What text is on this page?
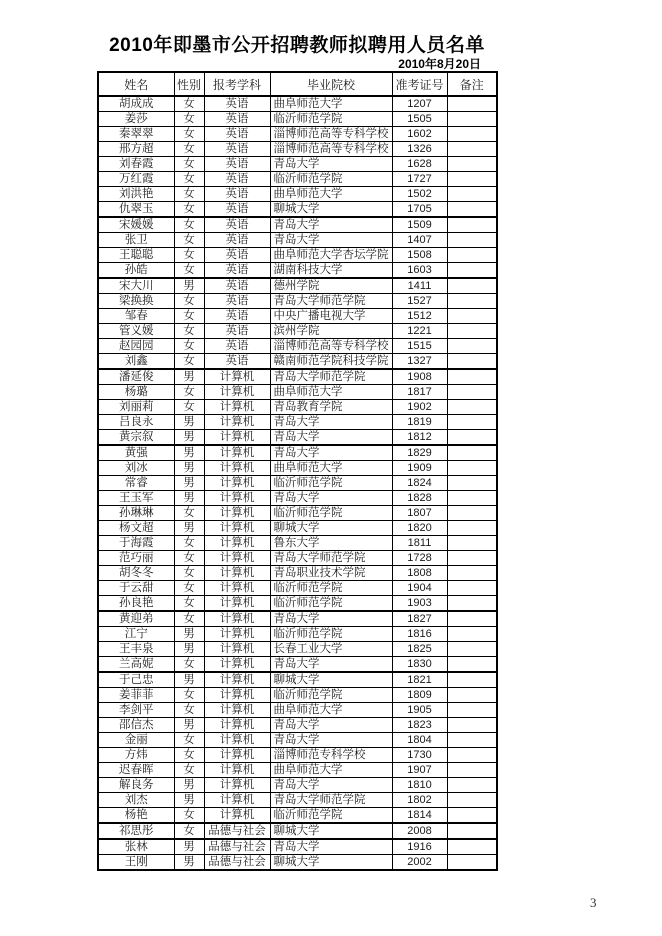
2010年即墨市公开招聘教师拟聘用人员名单
2010年8月20日
姓名	性别	报考学科	毕业院校	准考证号	备注
胡成成	女	英语	曲阜师范大学	1207	
姜莎	女	英语	临沂师范学院	1505	
秦翠翠	女	英语	淄博师范高等专科学校	1602	
邢方超	女	英语	淄博师范高等专科学校	1326	
刘春霞	女	英语	青岛大学	1628	
万红霞	女	英语	临沂师范学院	1727	
刘洪艳	女	英语	曲阜师范大学	1502	
仇翠玉	女	英语	聊城大学	1705	
宋媛媛	女	英语	青岛大学	1509	
张卫	女	英语	青岛大学	1407	
王聪聪	女	英语	曲阜师范大学杏坛学院	1508	
孙皓	女	英语	湖南科技大学	1603	
宋大川	男	英语	德州学院	1411	
梁换换	女	英语	青岛大学师范学院	1527	
邹春	女	英语	中央广播电视大学	1512	
管义媛	女	英语	滨州学院	1221	
赵园园	女	英语	淄博师范高等专科学校	1515	
刘鑫	女	英语	赣南师范学院科技学院	1327	
潘延俊	男	计算机	青岛大学师范学院	1908	
杨璐	女	计算机	曲阜师范大学	1817	
刘丽莉	女	计算机	青岛教育学院	1902	
吕良永	男	计算机	青岛大学	1819	
黄宗叙	男	计算机	青岛大学	1812	
黄强	男	计算机	青岛大学	1829	
刘冰	男	计算机	曲阜师范大学	1909	
常睿	男	计算机	临沂师范学院	1824	
王玉军	男	计算机	青岛大学	1828	
孙琳琳	女	计算机	临沂师范学院	1807	
杨文超	男	计算机	聊城大学	1820	
于海霞	女	计算机	鲁东大学	1811	
范巧丽	女	计算机	青岛大学师范学院	1728	
胡冬冬	女	计算机	青岛职业技术学院	1808	
于云甜	女	计算机	临沂师范学院	1904	
孙良艳	女	计算机	临沂师范学院	1903	
黄迎弟	女	计算机	青岛大学	1827	
江宁	男	计算机	临沂师范学院	1816	
王丰泉	男	计算机	长春工业大学	1825	
兰高妮	女	计算机	青岛大学	1830	
于己忠	男	计算机	聊城大学	1821	
姜菲菲	女	计算机	临沂师范学院	1809	
李剑平	女	计算机	曲阜师范大学	1905	
邵信杰	男	计算机	青岛大学	1823	
金丽	女	计算机	青岛大学	1804	
方炜	女	计算机	淄博师范专科学校	1730	
迟春晖	女	计算机	曲阜师范大学	1907	
解良务	男	计算机	青岛大学	1810	
刘杰	男	计算机	青岛大学师范学院	1802	
杨艳	女	计算机	临沂师范学院	1814	
祁思彤	女	品德与社会	聊城大学	2008	
张林	男	品德与社会	青岛大学	1916	
王刚	男	品德与社会	聊城大学	2002	
3
